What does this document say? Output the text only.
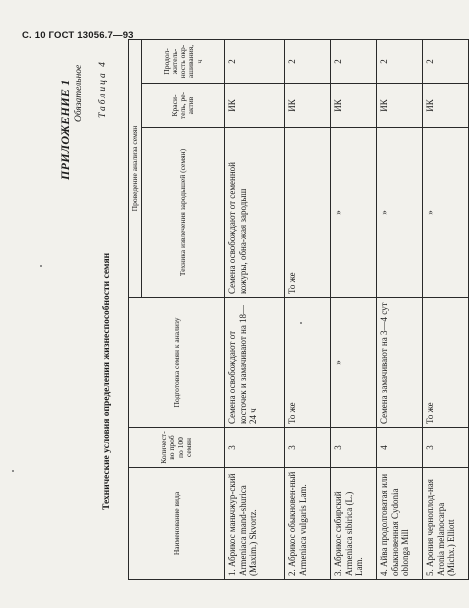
С. 10 ГОСТ 13056.7—93
ПРИЛОЖЕНИЕ 1 Обязательное Таблица 4
Технические условия определения жизнеспособности семян
Наименование вида	Количест-во проб по 100 семян	Подготовка семян к анализу	Проведение анализа семян		
			Техника извлечения зародышей (семян)	Краси-тель, ре-актив	Продол-житель-ность окр-ашивания, ч
1. Абрикос маньчжур-ский Armeniaca mand-shurica (Maxim.) Skvortz.	3	Семена освобождают от косточек и замачивают на 18—24 ч	Семена освобождают от семенной кожуры, обна-жая зародыш	ИК	2
2. Абрикос обыкновен-ный Armeniaca vulgaris Lam.	3	То же	То же	ИК	2
3. Абрикос сибирский Armeniaca sibirica (L.) Lam.	3	»	»	ИК	2
4. Айва продолговатая или обыкновенная Cydonia oblonga Mill	4	Семена замачивают на 3—4 сут	»	ИК	2
5. Арония черноплод-ная Aronia melanocarpa (Michx.) Elliott	3	То же	»	ИК	2
